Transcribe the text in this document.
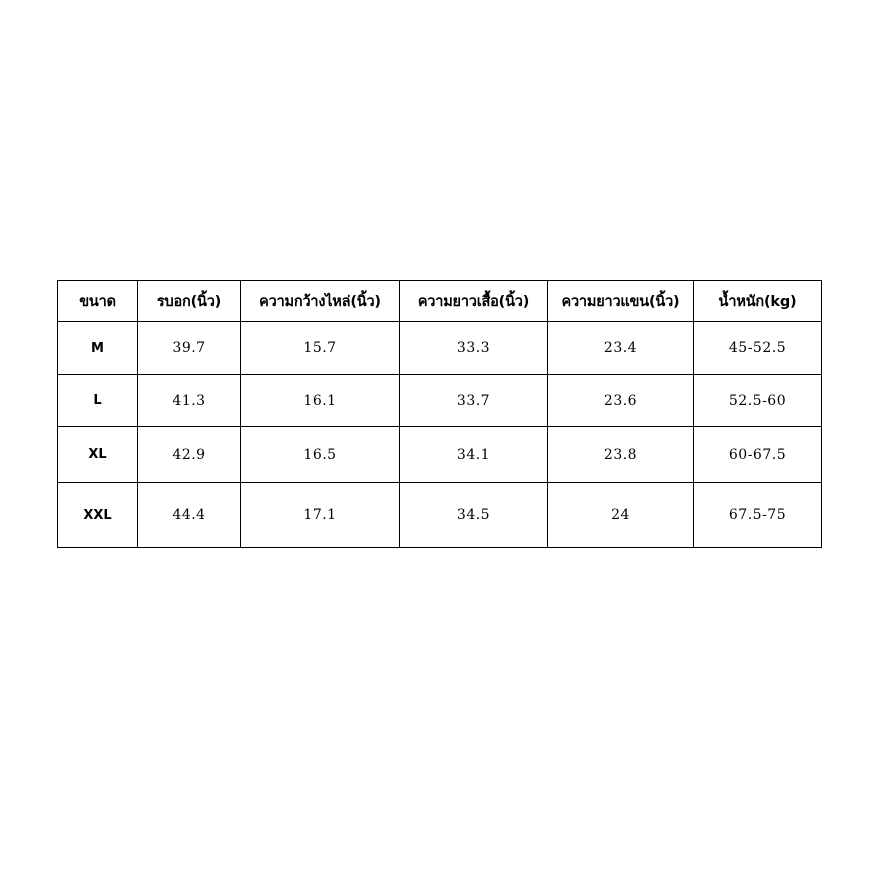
ขนาด	รบอก(นิ้ว)	ความกว้างไหล่(นิ้ว)	ความยาวเสื้อ(นิ้ว)	ความยาวแขน(นิ้ว)	น้ำหนัก(kg)
M	39.7	15.7	33.3	23.4	45-52.5
L	41.3	16.1	33.7	23.6	52.5-60
XL	42.9	16.5	34.1	23.8	60-67.5
XXL	44.4	17.1	34.5	24	67.5-75
